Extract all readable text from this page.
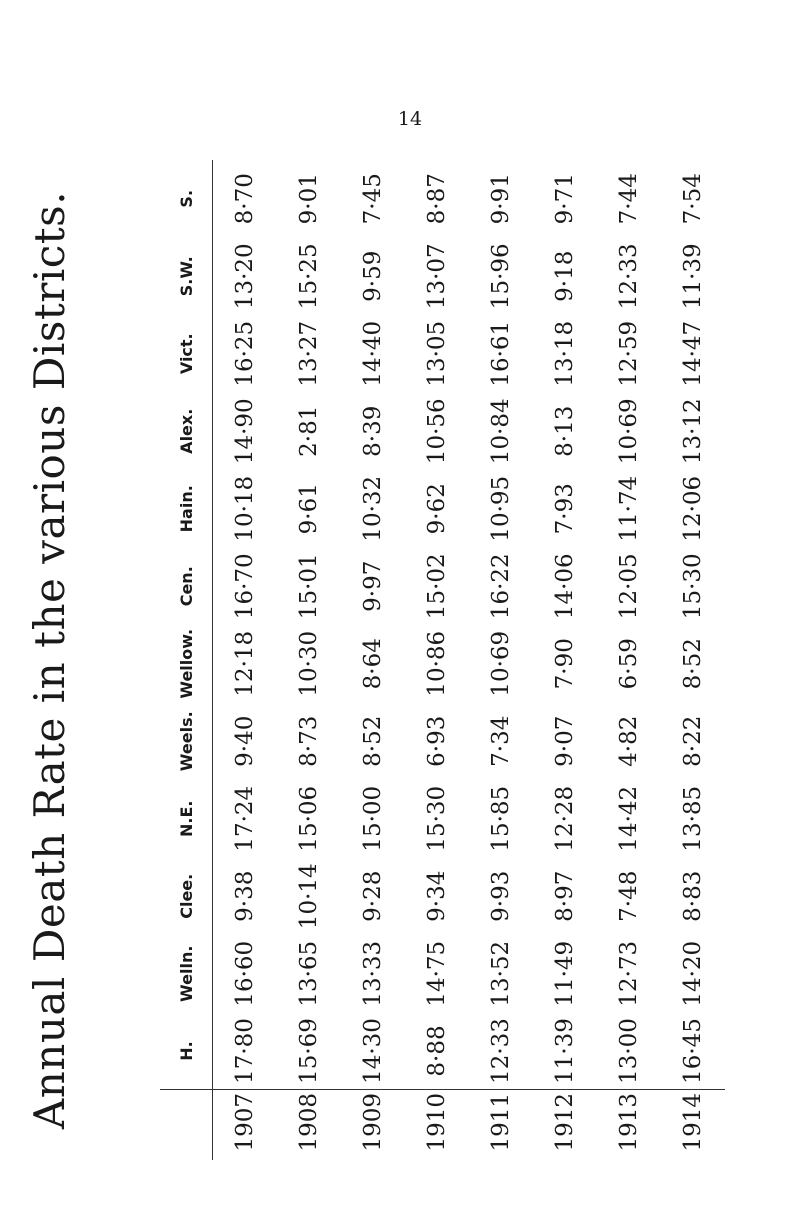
14
Annual Death Rate in the various Districts.
		H.	Welln.	Clee.	N.E.	Weels.	Wellow.	Cen.	Hain.	Alex.	Vict.	S.W.	S.
1907	17·80	16·60	9·38	17·24	9·40	12·18	16·70	10·18	14·90	16·25	13·20	8·70
1908	15·69	13·65	10·14	15·06	8·73	10·30	15·01	9·61	2·81	13·27	15·25	9·01
1909	14·30	13·33	9·28	15·00	8·52	8·64	9·97	10·32	8·39	14·40	9·59	7·45
1910	8·88	14·75	9·34	15·30	6·93	10·86	15·02	9·62	10·56	13·05	13·07	8·87
1911	12·33	13·52	9·93	15·85	7·34	10·69	16·22	10·95	10·84	16·61	15·96	9·91
1912	11·39	11·49	8·97	12·28	9·07	7·90	14·06	7·93	8·13	13·18	9·18	9·71
1913	13·00	12·73	7·48	14·42	4·82	6·59	12·05	11·74	10·69	12·59	12·33	7·44
1914	16·45	14·20	8·83	13·85	8·22	8·52	15·30	12·06	13·12	14·47	11·39	7·54
